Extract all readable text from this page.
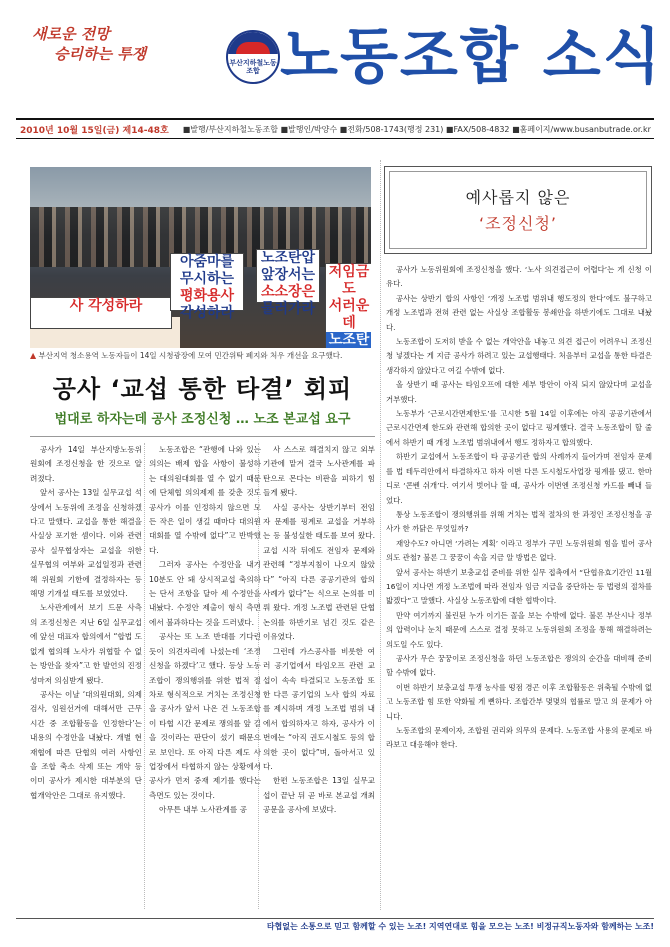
새로운 전망
승리하는 투쟁	부산지하철노동조합 노동조합 소식
2010년 10월 15일(금) 제14-48호 ■발행/부산지하철노동조합 ■발행인/박양수 ■전화/508-1743(행정 231) ■FAX/508-4832 ■홈페이지/www.busanbutrade.or.kr
사 각성하라
아줌마를
무시하는
평화용사
각성하라
노조탄압
앞장서는
소소장은
물러가라
저임금도
서러운데
노조탄
▲ 부산지역 청소용역 노동자들이 14일 시청광장에 모여 민간위탁 폐지와 처우 개선을 요구했다.
공사 ‘교섭 통한 타결’ 회피
법대로 하자는데 공사 조정신청 … 노조 본교섭 요구

공사가 14일 부산지방노동위원회에 조정신청을 한 것으로 알려졌다.

앞서 공사는 13일 실무교섭 석상에서 노동위에 조정을 신청하겠다고 말했다. 교섭을 통한 해결을 사실상 포기한 셈이다. 이와 관련 공사 실무협상자는 교섭을 위한 실무협의 여부와 교섭일정과 관련해 위원회 기한에 결정하자는 등 해명 기개설 태도를 보였었다.

노사관계에서 보기 드문 사측의 조정신청은 지난 6일 실무교섭에 앞선 대표자 합의에서 “합법 도 없게 협의해 노사가 위협할 수 없는 방안을 찾자”고 한 발언의 진정성마저 의심받게 됐다.

공사는 이날 ‘대의원대회, 의제검사, 임원선거에 대해서만 근무시간 중 조합활동을 인정한다’는 내용의 수정안을 내놨다. 개별 현재협에 따른 단협의 여러 사항인을 조합 축소 삭제 또는 개악 등 이미 공사가 제시한 대부분의 단협개악안은 그대로 유지했다.

노동조합은 “관행에 나와 있는 의의는 배제 합을 사항이 불성하는 대의원대회를 열 수 없기 때문에 단체협 의의제제 를 갖춘 것도 공사가 이를 인정하지 않으면 모든 작은 일이 생길 때마다 대의원대회를 열 수밖에 없다”고 반박했다.

그러자 공사는 수정안을 내기 10분도 안 돼 상시적교섭 축의하는 단서 조항을 달아 세 수정안을 내놨다. 수정안 제출이 형식 측면에서 불과하다는 것을 드러냈다.

공사는 또 노조 반대를 기다린 듯이 의견자리에 나섰는데 ‘조정신청을 하겠다’고 했다. 등상 노동조합이 쟁의행위를 위한 법적 절차로 형식적으로 거치는 조정신청을 공사가 앞서 나온 건 노동조합이 타협 시간 문제로 쟁의를 앞 길을 것이라는 판단이 섰기 때문으로 보인다. 또 아직 다른 제도 사업장에서 타협하지 않는 상황에서 공사가 먼저 중재 제기를 했다는 측면도 있는 것이다.

아무튼 내부 노사관계를 공

사 스스로 해결치지 않고 외부 기관에 맡겨 결국 노사관계를 파탄으로 몬다는 비판을 피하기 힘들게 됐다.

사실 공사는 상반기부터 전임자 문제를 핑계로 교섭을 거부하는 등 불성실한 태도를 보여 왔다. 교섭 시작 뒤에도 전임자 문제와 관련해 “정부지침이 나오지 않았다” “아직 다른 공공기관의 합의 사례가 없다”는 식으로 논의를 미뤄 왔다. 개정 노조법 관련된 단협 논의를 하반기로 넘긴 것도 같은 이유였다.

그런데 가스공사를 비롯한 여러 공기업에서 타임오프 관련 교섭이 속속 타결되고 노동조합 또한 다른 공기업의 노사 합의 자료를 제시하며 개정 노조법 범위 내에서 합의하자고 하자, 공사가 이번에는 “아직 권도시철도 등의 합의한 곳이 없다”며, 돌아서고 있다.

한편 노동조합은 13일 실무교섭이 끝난 뒤 곧 바로 본교섭 개최 공문을 공사에 보냈다.

예사롭지 않은
‘조정신청’

공사가 노동위원회에 조정신청을 했다. ‘노사 의견접근이 어렵다’는 게 신청 이유다.

공사는 상반기 합의 사항인 ‘개정 노조법 범위내 행도정의 한다’에도 불구하고 개정 노조법과 전혀 관련 없는 사실상 조합활동 봉쇄안을 하반기에도 그대로 내놨다.

노동조합이 도저히 받을 수 없는 개악안을 내놓고 의견 접근이 어려우니 조정신청 넣겠다는 게 지금 공사가 하려고 있는 교섭행태다. 처음부터 교섭을 통한 타결은 생각하지 않았다고 여길 수밖에 없다.

올 상반기 때 공사는 타임오프에 대한 세부 방안이 아직 되지 않았다며 교섭을 거부했다.

노동부가 ‘근로시간면제한도’를 고시한 5월 14일 이후에는 아직 공공기관에서 근로시간면제 한도와 관련해 합의한 곳이 없다고 핑계했다. 결국 노동조합이 할 줄에서 하반기 때 개정 노조법 범위내에서 행도 정하자고 합의했다.

하반기 교섭에서 노동조합이 타 공공기관 합의 사례까지 들어가며 전임자 문제를 법 테두리안에서 타결하자고 하자 이번 다른 도시철도사업장 핑계를 댔고. 한마디로 ‘콘벤 쉬개’다. 여기서 벗어나 할 때, 공사가 이번엔 조정신청 카드를 빼내 들었다.

통상 노동조합이 쟁의행위를 위해 거치는 법적 절차의 한 과정인 조정신청을 공사가 한 까닭은 무엇일까?

재앙수도? 아니면 ‘가려는 계획’ 이라고 정부가 구민 노동위원회 힘을 빌어 공사 의도 관철? 불론 그 꿍꿍이 속을 지금 알 방법은 없다.

앞서 공사는 하반기 보충교섭 준비를 위한 실무 접촉에서 “단협유효기간인 11월 16일이 지나면 개정 노조법에 따라 전임자 임금 지급을 중단하는 등 법령의 절차를 밟겠다”고 말했다. 사실상 노동조합에 대한 협박이다.

만약 여기까지 불린된 누가 이기든 꼴을 보는 수밖에 없다. 불론 부산시나 정부의 압력이나 눈치 때문에 스스로 결정 못하고 노동위원회 조정을 통해 해결하려는 의도일 수도 있다.

공사가 무슨 꿍꿍이로 조정신청을 하던 노동조합은 쟁의의 순간을 대비해 준비할 수밖에 없다.

이번 하반기 보충교섭 투쟁 농사를 떵점 경곤 이후 조합활동은 위축될 수밖에 없고 노동조합 힘 또한 약화될 게 뻔하다. 조합간부 몇몇의 협률로 말고 의 문제가 아니다.

노동조합의 문제이자, 조합원 권리와 의무의 문제다. 노동조합 사용의 문제로 바라보고 대응해야 한다.

타협없는 소통으로 믿고 함께할 수 있는 노조! 지역연대로 힘을 모으는 노조! 비정규직노동자와 함께하는 노조!
